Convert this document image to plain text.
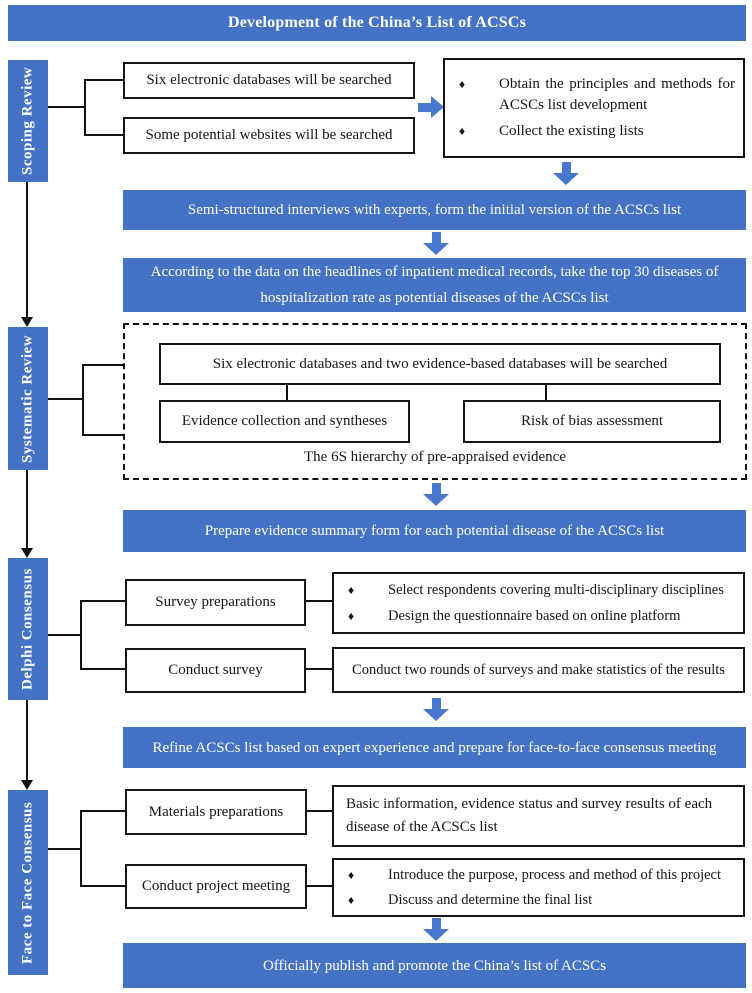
Development of the China’s List of ACSCs
Scoping Review
Systematic Review
Delphi Consensus
Face to Face Consensus
Six electronic databases will be searched
Some potential websites will be searched
♦	Obtain the principles and methods for ACSCs list development
♦	Collect the existing lists
Semi-structured interviews with experts, form the initial version of the ACSCs list
According to the data on the headlines of inpatient medical records, take the top 30 diseases of hospitalization rate as potential diseases of the ACSCs list
Six electronic databases and two evidence-based databases will be searched
Evidence collection and syntheses	Risk of bias assessment
The 6S hierarchy of pre-appraised evidence
Prepare evidence summary form for each potential disease of the ACSCs list
Survey preparations
♦	Select respondents covering multi-disciplinary disciplines
♦	Design the questionnaire based on online platform
Conduct survey	Conduct two rounds of surveys and make statistics of the results
Refine ACSCs list based on expert experience and prepare for face-to-face consensus meeting
Materials preparations	Basic information, evidence status and survey results of each disease of the ACSCs list
Conduct project meeting
♦	Introduce the purpose, process and method of this project
♦	Discuss and determine the final list
Officially publish and promote the China’s list of ACSCs
